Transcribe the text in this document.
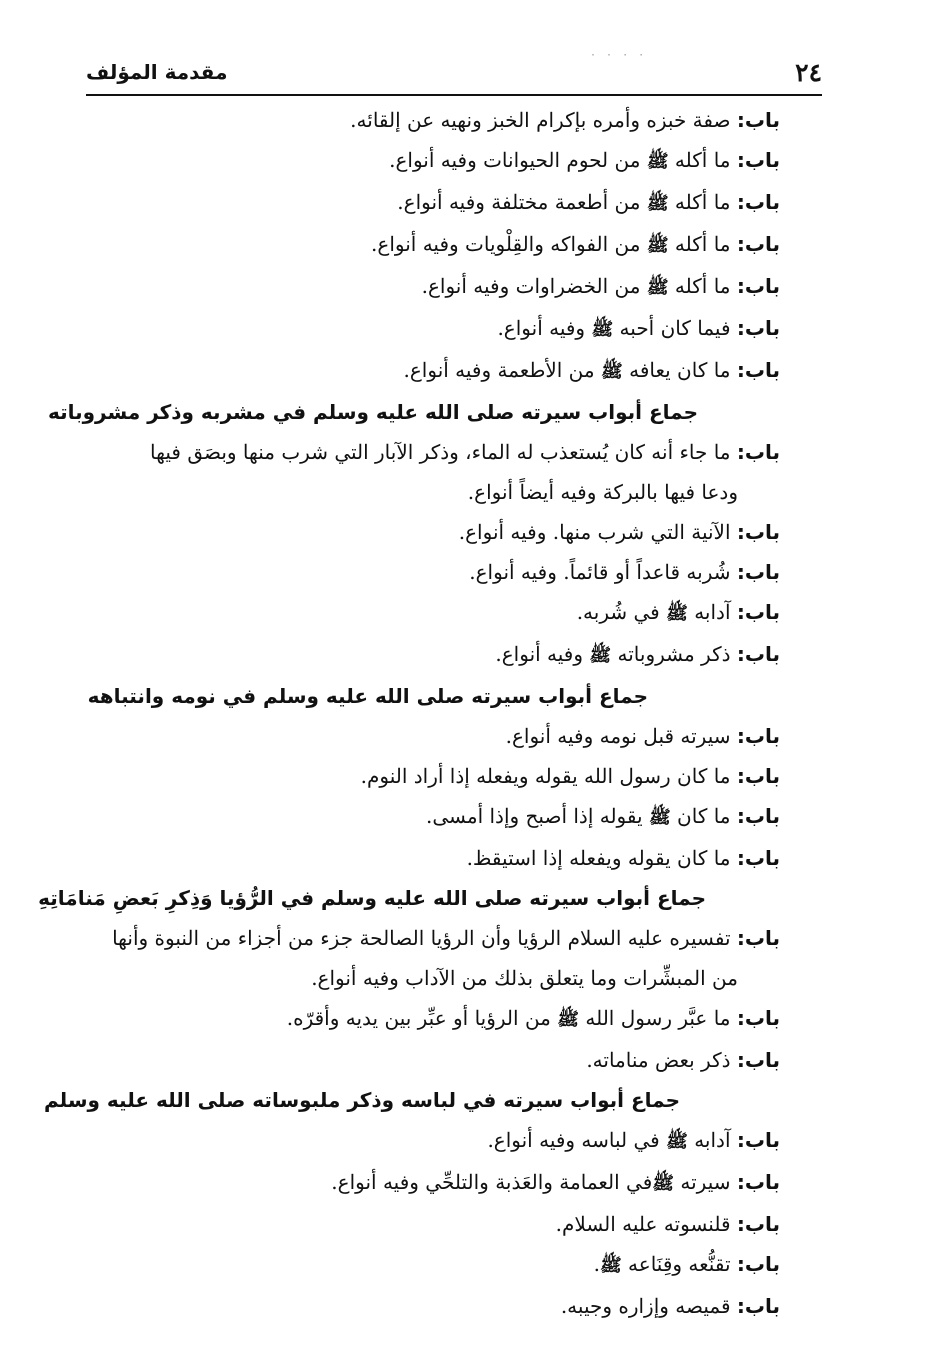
· · · ·
٢٤
مقدمة المؤلف
باب: صفة خبزه وأمره بإكرام الخبز ونهيه عن إلقائه.
باب: ما أكله ﷺ من لحوم الحيوانات وفيه أنواع.
باب: ما أكله ﷺ من أطعمة مختلفة وفيه أنواع.
باب: ما أكله ﷺ من الفواكه والقِلْويات وفيه أنواع.
باب: ما أكله ﷺ من الخضراوات وفيه أنواع.
باب: فيما كان أحبه ﷺ وفيه أنواع.
باب: ما كان يعافه ﷺ من الأطعمة وفيه أنواع.
جماع أبواب سيرته صلى الله عليه وسلم في مشربه وذكر مشروباته
باب: ما جاء أنه كان يُستعذب له الماء، وذكر الآبار التي شرب منها وبصَق فيها
ودعا فيها بالبركة وفيه أيضاً أنواع.
باب: الآنية التي شرب منها. وفيه أنواع.
باب: شُربه قاعداً أو قائماً. وفيه أنواع.
باب: آدابه ﷺ في شُربه.
باب: ذكر مشروباته ﷺ وفيه أنواع.
جماع أبواب سيرته صلى الله عليه وسلم في نومه وانتباهه
باب: سيرته قبل نومه وفيه أنواع.
باب: ما كان رسول الله يقوله ويفعله إذا أراد النوم.
باب: ما كان ﷺ يقوله إذا أصبح وإذا أمسى.
باب: ما كان يقوله ويفعله إذا استيقظ.
جماع أبواب سيرته صلى الله عليه وسلم في الرُّؤيا وَذِكرِ بَعضِ مَنامَاتِهِ
باب: تفسيره عليه السلام الرؤيا وأن الرؤيا الصالحة جزء من أجزاء من النبوة وأنها
من المبشِّرات وما يتعلق بذلك من الآداب وفيه أنواع.
باب: ما عبَّر رسول الله ﷺ من الرؤيا أو عبِّر بين يديه وأقرّه.
باب: ذكر بعض مناماته.
جماع أبواب سيرته في لباسه وذكر ملبوساته صلى الله عليه وسلم
باب: آدابه ﷺ في لباسه وفيه أنواع.
باب: سيرته ﷺفي العمامة والعَذبة والتلحِّي وفيه أنواع.
باب: قلنسوته عليه السلام.
باب: تقنُّعه وقِنَاعه ﷺ.
باب: قميصه وإزاره وجيبه.
